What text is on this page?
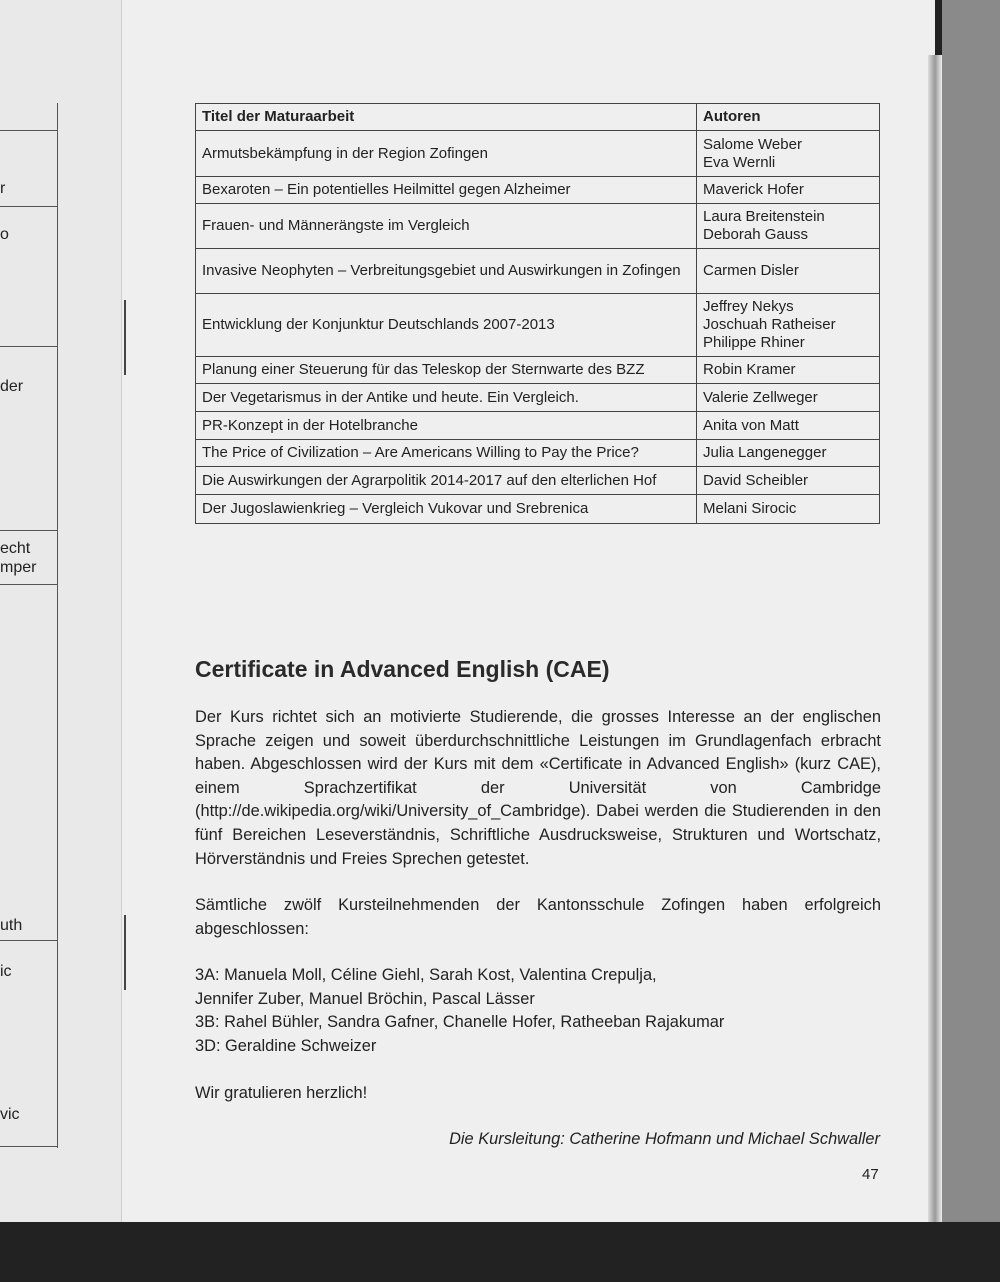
r
o
der
echt
mper
uth
ic
vic
Titel der Maturaarbeit	Autoren
Armutsbekämpfung in der Region Zofingen	Salome Weber
Eva Wernli
Bexaroten – Ein potentielles Heilmittel gegen Alzheimer	Maverick Hofer
Frauen- und Männerängste im Vergleich	Laura Breitenstein
Deborah Gauss
Invasive Neophyten – Verbreitungsgebiet und Auswirkungen in Zofingen	Carmen Disler
Entwicklung der Konjunktur Deutschlands 2007-2013	Jeffrey Nekys
Joschuah Ratheiser
Philippe Rhiner
Planung einer Steuerung für das Teleskop der Sternwarte des BZZ	Robin Kramer
Der Vegetarismus in der Antike und heute. Ein Vergleich.	Valerie Zellweger
PR-Konzept in der Hotelbranche	Anita von Matt
The Price of Civilization – Are Americans Willing to Pay the Price?	Julia Langenegger
Die Auswirkungen der Agrarpolitik 2014-2017 auf den elterlichen Hof	David Scheibler
Der Jugoslawienkrieg – Vergleich Vukovar und Srebrenica	Melani Sirocic
Certificate in Advanced English (CAE)

Der Kurs richtet sich an motivierte Studierende, die grosses Interesse an der englischen Sprache zeigen und soweit überdurchschnittliche Leistungen im Grundlagenfach erbracht haben. Abgeschlossen wird der Kurs mit dem «Certificate in Advanced English» (kurz CAE), einem Sprachzertifikat der Universität von Cambridge (http://de.wikipedia.org/wiki/University_of_Cambridge). Dabei werden die Studierenden in den fünf Bereichen Leseverständnis, Schriftliche Ausdrucksweise, Strukturen und Wortschatz, Hörverständnis und Freies Sprechen getestet.

Sämtliche zwölf Kursteilnehmenden der Kantonsschule Zofingen haben erfolgreich abgeschlossen:

3A: Manuela Moll, Céline Giehl, Sarah Kost, Valentina Crepulja,
Jennifer Zuber, Manuel Bröchin, Pascal Lässer
3B: Rahel Bühler, Sandra Gafner, Chanelle Hofer, Ratheeban Rajakumar
3D: Geraldine Schweizer

Wir gratulieren herzlich!

Die Kursleitung: Catherine Hofmann und Michael Schwaller

47
